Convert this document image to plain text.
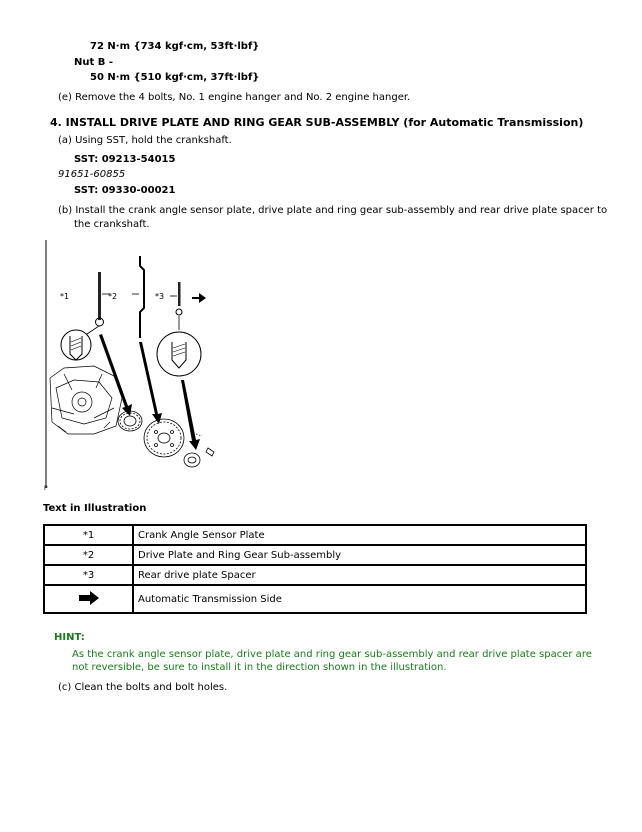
72 N·m {734 kgf·cm, 53ft·lbf}
Nut B -
50 N·m {510 kgf·cm, 37ft·lbf}
(e) Remove the 4 bolts, No. 1 engine hanger and No. 2 engine hanger.
4. INSTALL DRIVE PLATE AND RING GEAR SUB-ASSEMBLY (for Automatic Transmission)
(a) Using SST, hold the crankshaft.
SST: 09213-54015
91651-60855
SST: 09330-00021
(b) Install the crank angle sensor plate, drive plate and ring gear sub-assembly and rear drive plate spacer to
the crankshaft.
*1	*2	*3
P
Text in Illustration
*1	Crank Angle Sensor Plate
*2	Drive Plate and Ring Gear Sub-assembly
*3	Rear drive plate Spacer
	Automatic Transmission Side
HINT:
As the crank angle sensor plate, drive plate and ring gear sub-assembly and rear drive plate spacer are not reversible, be sure to install it in the direction shown in the illustration.
(c) Clean the bolts and bolt holes.
